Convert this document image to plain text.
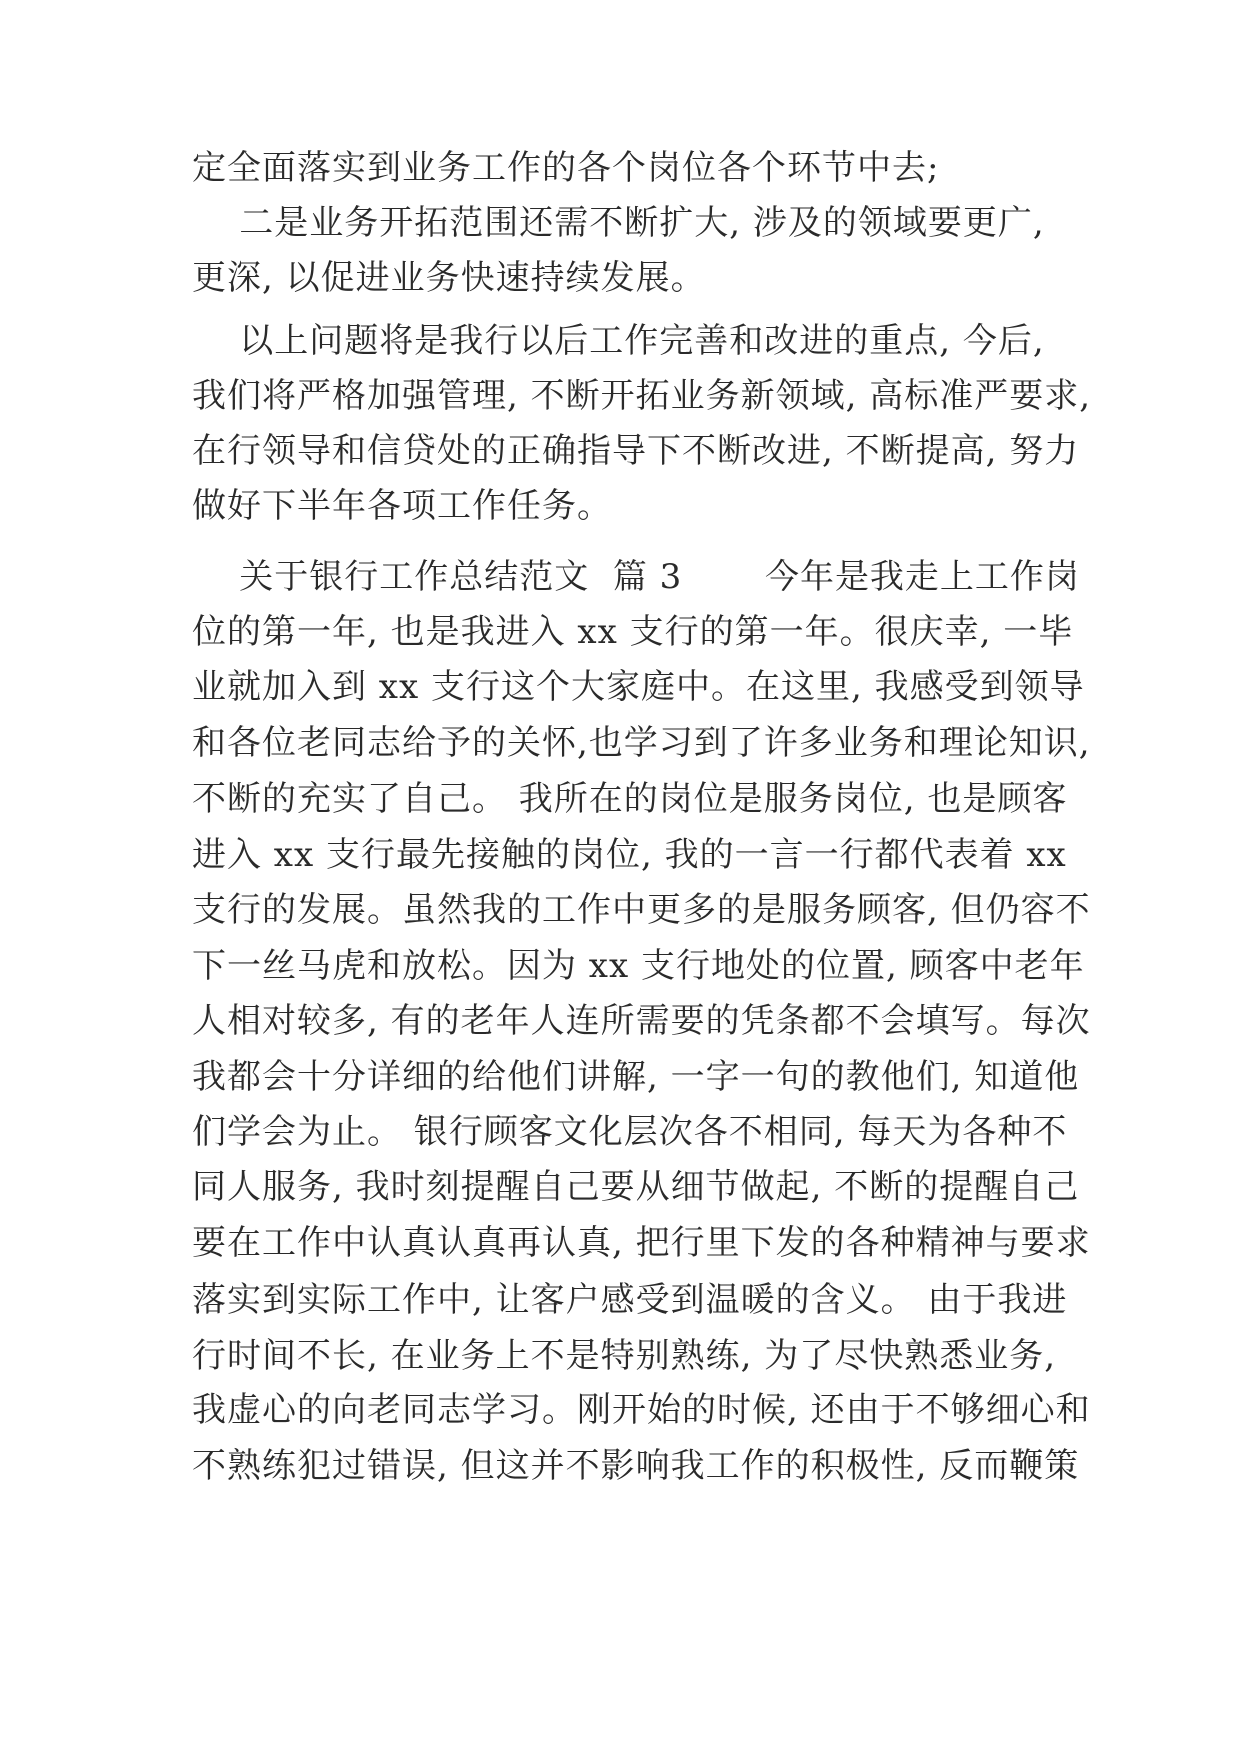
定全面落实到业务工作的各个岗位各个环节中去;
二是业务开拓范围还需不断扩大, 涉及的领域要更广,
更深, 以促进业务快速持续发展。
以上问题将是我行以后工作完善和改进的重点, 今后,
我们将严格加强管理, 不断开拓业务新领域, 高标准严要求,
在行领导和信贷处的正确指导下不断改进, 不断提高, 努力
做好下半年各项工作任务。
关于银行工作总结范文  篇 3       今年是我走上工作岗
位的第一年, 也是我进入 xx 支行的第一年。很庆幸, 一毕
业就加入到 xx 支行这个大家庭中。在这里, 我感受到领导
和各位老同志给予的关怀,也学习到了许多业务和理论知识,
不断的充实了自己。 我所在的岗位是服务岗位, 也是顾客
进入 xx 支行最先接触的岗位, 我的一言一行都代表着 xx
支行的发展。虽然我的工作中更多的是服务顾客, 但仍容不
下一丝马虎和放松。因为 xx 支行地处的位置, 顾客中老年
人相对较多, 有的老年人连所需要的凭条都不会填写。每次
我都会十分详细的给他们讲解, 一字一句的教他们, 知道他
们学会为止。 银行顾客文化层次各不相同, 每天为各种不
同人服务, 我时刻提醒自己要从细节做起, 不断的提醒自己
要在工作中认真认真再认真, 把行里下发的各种精神与要求
落实到实际工作中, 让客户感受到温暖的含义。 由于我进
行时间不长, 在业务上不是特别熟练, 为了尽快熟悉业务,
我虚心的向老同志学习。刚开始的时候, 还由于不够细心和
不熟练犯过错误, 但这并不影响我工作的积极性, 反而鞭策
